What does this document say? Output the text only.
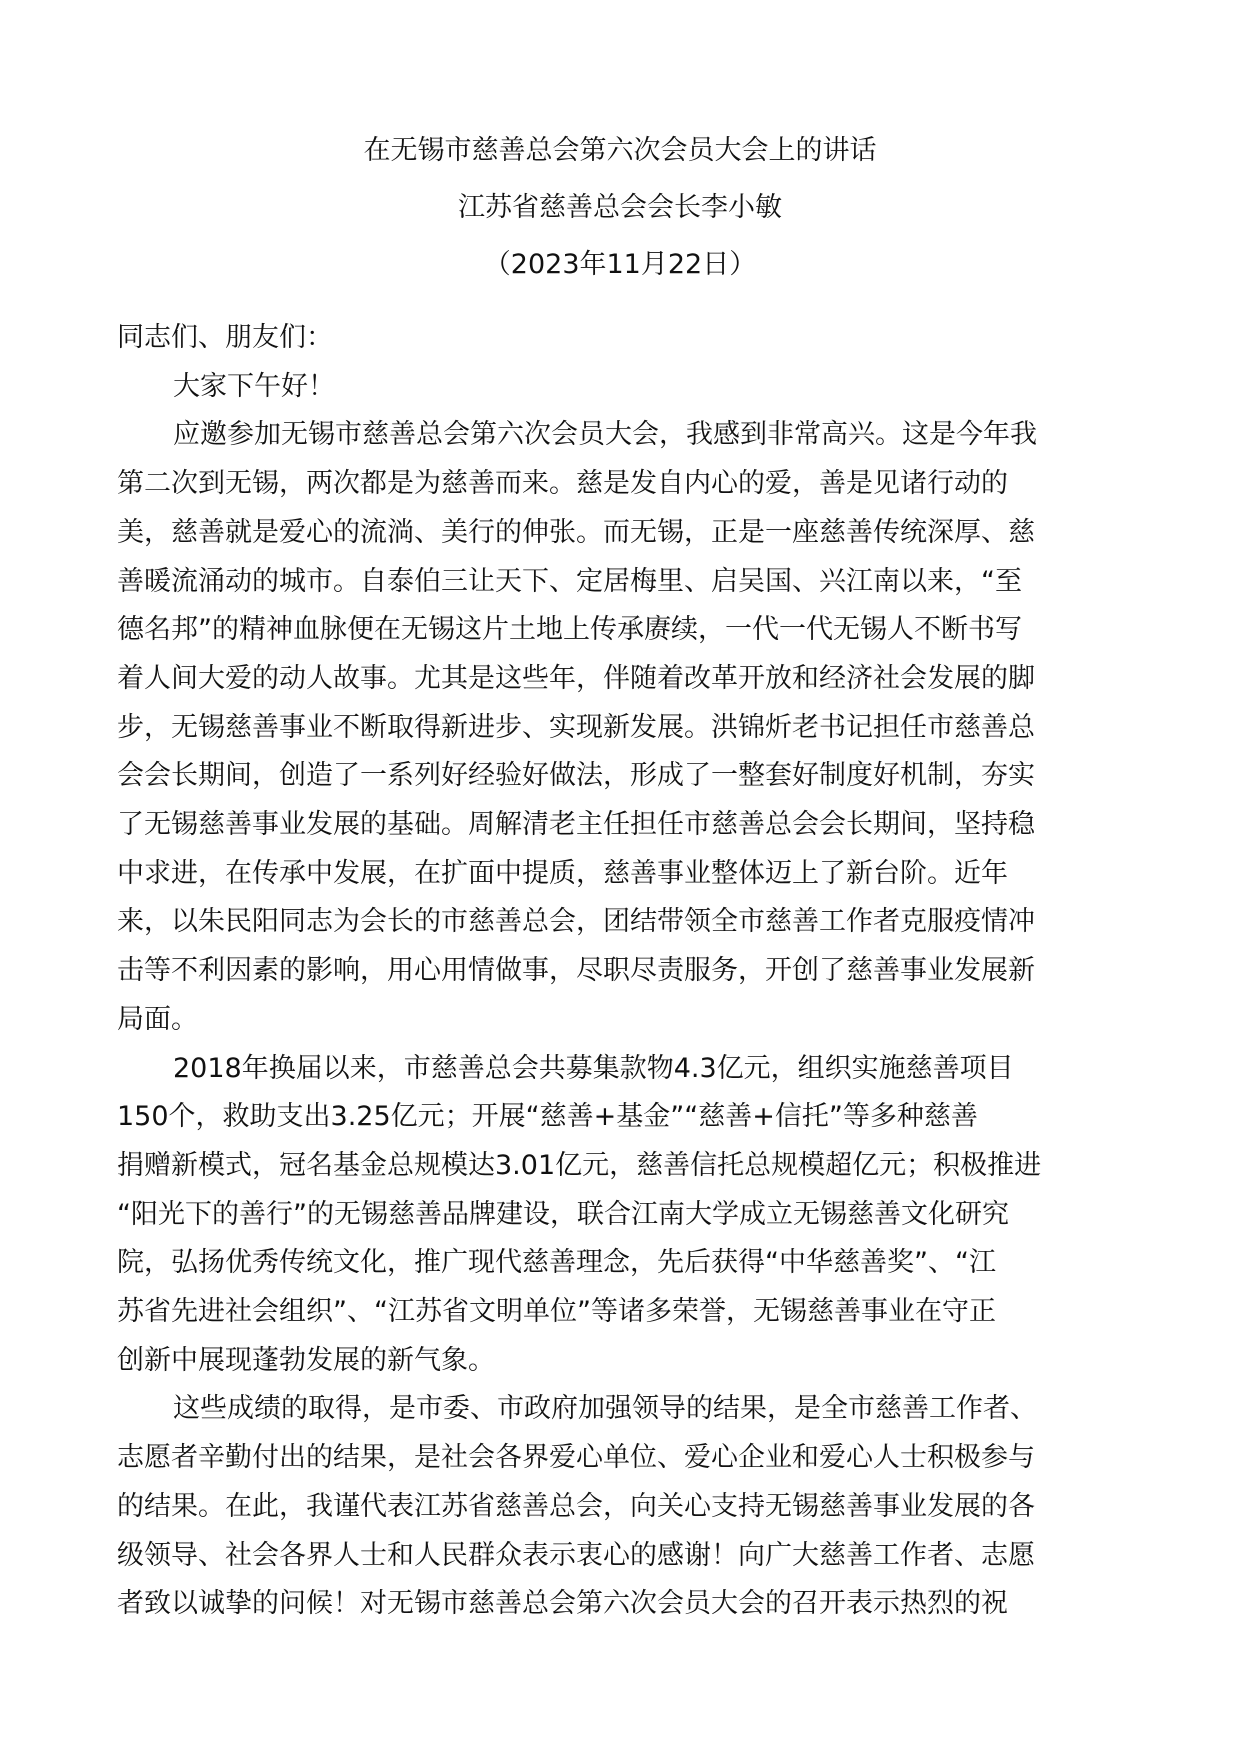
在无锡市慈善总会第六次会员大会上的讲话
江苏省慈善总会会长李小敏
（2023年11月22日）
同志们、朋友们：
大家下午好！
应邀参加无锡市慈善总会第六次会员大会，我感到非常高兴。这是今年我
第二次到无锡，两次都是为慈善而来。慈是发自内心的爱，善是见诸行动的
美，慈善就是爱心的流淌、美行的伸张。而无锡，正是一座慈善传统深厚、慈
善暖流涌动的城市。自泰伯三让天下、定居梅里、启吴国、兴江南以来，“至
德名邦”的精神血脉便在无锡这片土地上传承赓续，一代一代无锡人不断书写
着人间大爱的动人故事。尤其是这些年，伴随着改革开放和经济社会发展的脚
步，无锡慈善事业不断取得新进步、实现新发展。洪锦炘老书记担任市慈善总
会会长期间，创造了一系列好经验好做法，形成了一整套好制度好机制，夯实
了无锡慈善事业发展的基础。周解清老主任担任市慈善总会会长期间，坚持稳
中求进，在传承中发展，在扩面中提质，慈善事业整体迈上了新台阶。近年
来，以朱民阳同志为会长的市慈善总会，团结带领全市慈善工作者克服疫情冲
击等不利因素的影响，用心用情做事，尽职尽责服务，开创了慈善事业发展新
局面。
2018年换届以来，市慈善总会共募集款物4.3亿元，组织实施慈善项目
150个，救助支出3.25亿元；开展“慈善+基金”“慈善+信托”等多种慈善
捐赠新模式，冠名基金总规模达3.01亿元，慈善信托总规模超亿元；积极推进
“阳光下的善行”的无锡慈善品牌建设，联合江南大学成立无锡慈善文化研究
院，弘扬优秀传统文化，推广现代慈善理念，先后获得“中华慈善奖”、“江
苏省先进社会组织”、“江苏省文明单位”等诸多荣誉，无锡慈善事业在守正
创新中展现蓬勃发展的新气象。
这些成绩的取得，是市委、市政府加强领导的结果，是全市慈善工作者、
志愿者辛勤付出的结果，是社会各界爱心单位、爱心企业和爱心人士积极参与
的结果。在此，我谨代表江苏省慈善总会，向关心支持无锡慈善事业发展的各
级领导、社会各界人士和人民群众表示衷心的感谢！向广大慈善工作者、志愿
者致以诚挚的问候！对无锡市慈善总会第六次会员大会的召开表示热烈的祝
